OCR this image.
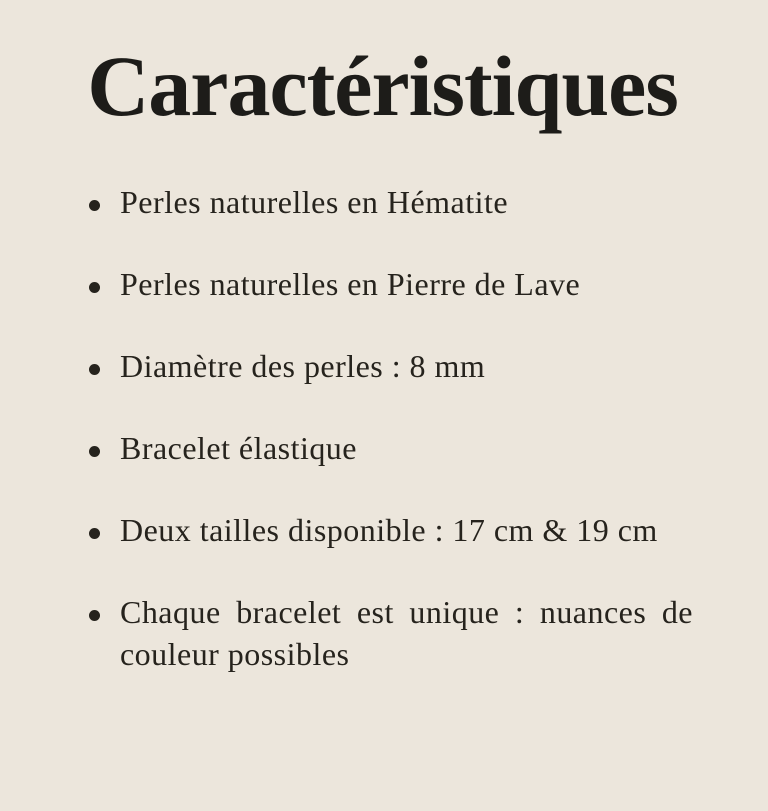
Caractéristiques
Perles naturelles en Hématite
Perles naturelles en Pierre de Lave
Diamètre des perles : 8 mm
Bracelet élastique
Deux tailles disponible : 17 cm & 19 cm
Chaque bracelet est unique : nuances de couleur possibles
